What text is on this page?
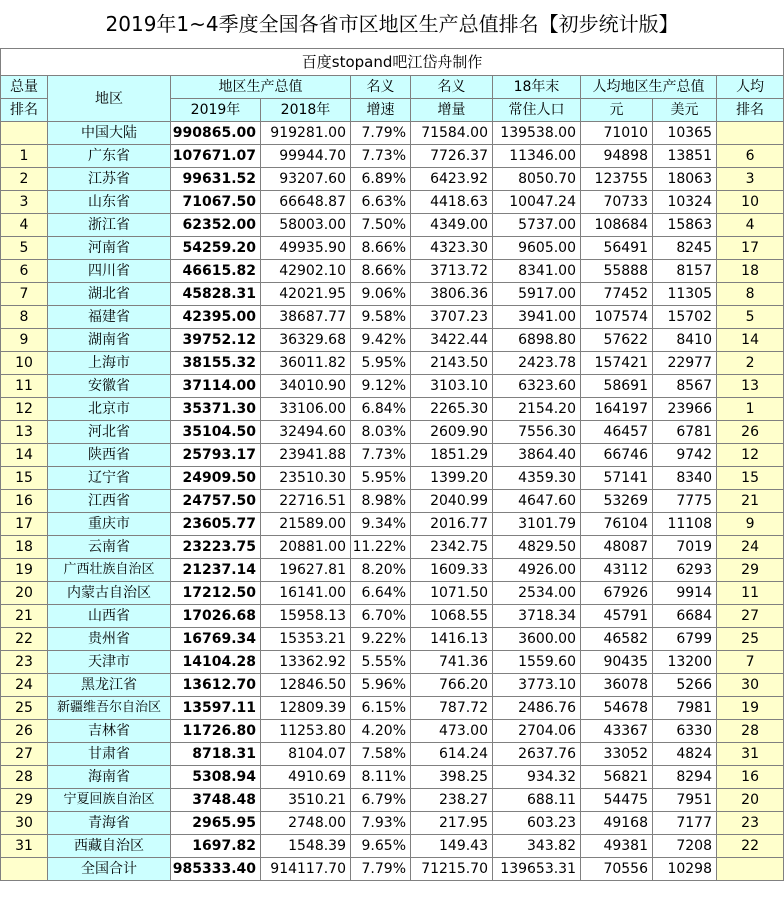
2019年1~4季度全国各省市区地区生产总值排名【初步统计版】									
百度stopand吧江岱舟制作									
总量	地区	地区生产总值		名义	名义	18年末	人均地区生产总值		人均
排名		2019年	2018年	增速	增量	常住人口	元	美元	排名
	中国大陆	990865.00	919281.00	7.79%	71584.00	139538.00	71010	10365	
1	广东省	107671.07	99944.70	7.73%	7726.37	11346.00	94898	13851	6
2	江苏省	99631.52	93207.60	6.89%	6423.92	8050.70	123755	18063	3
3	山东省	71067.50	66648.87	6.63%	4418.63	10047.24	70733	10324	10
4	浙江省	62352.00	58003.00	7.50%	4349.00	5737.00	108684	15863	4
5	河南省	54259.20	49935.90	8.66%	4323.30	9605.00	56491	8245	17
6	四川省	46615.82	42902.10	8.66%	3713.72	8341.00	55888	8157	18
7	湖北省	45828.31	42021.95	9.06%	3806.36	5917.00	77452	11305	8
8	福建省	42395.00	38687.77	9.58%	3707.23	3941.00	107574	15702	5
9	湖南省	39752.12	36329.68	9.42%	3422.44	6898.80	57622	8410	14
10	上海市	38155.32	36011.82	5.95%	2143.50	2423.78	157421	22977	2
11	安徽省	37114.00	34010.90	9.12%	3103.10	6323.60	58691	8567	13
12	北京市	35371.30	33106.00	6.84%	2265.30	2154.20	164197	23966	1
13	河北省	35104.50	32494.60	8.03%	2609.90	7556.30	46457	6781	26
14	陕西省	25793.17	23941.88	7.73%	1851.29	3864.40	66746	9742	12
15	辽宁省	24909.50	23510.30	5.95%	1399.20	4359.30	57141	8340	15
16	江西省	24757.50	22716.51	8.98%	2040.99	4647.60	53269	7775	21
17	重庆市	23605.77	21589.00	9.34%	2016.77	3101.79	76104	11108	9
18	云南省	23223.75	20881.00	11.22%	2342.75	4829.50	48087	7019	24
19	广西壮族自治区	21237.14	19627.81	8.20%	1609.33	4926.00	43112	6293	29
20	内蒙古自治区	17212.50	16141.00	6.64%	1071.50	2534.00	67926	9914	11
21	山西省	17026.68	15958.13	6.70%	1068.55	3718.34	45791	6684	27
22	贵州省	16769.34	15353.21	9.22%	1416.13	3600.00	46582	6799	25
23	天津市	14104.28	13362.92	5.55%	741.36	1559.60	90435	13200	7
24	黑龙江省	13612.70	12846.50	5.96%	766.20	3773.10	36078	5266	30
25	新疆维吾尔自治区	13597.11	12809.39	6.15%	787.72	2486.76	54678	7981	19
26	吉林省	11726.80	11253.80	4.20%	473.00	2704.06	43367	6330	28
27	甘肃省	8718.31	8104.07	7.58%	614.24	2637.76	33052	4824	31
28	海南省	5308.94	4910.69	8.11%	398.25	934.32	56821	8294	16
29	宁夏回族自治区	3748.48	3510.21	6.79%	238.27	688.11	54475	7951	20
30	青海省	2965.95	2748.00	7.93%	217.95	603.23	49168	7177	23
31	西藏自治区	1697.82	1548.39	9.65%	149.43	343.82	49381	7208	22
	全国合计	985333.40	914117.70	7.79%	71215.70	139653.31	70556	10298	
